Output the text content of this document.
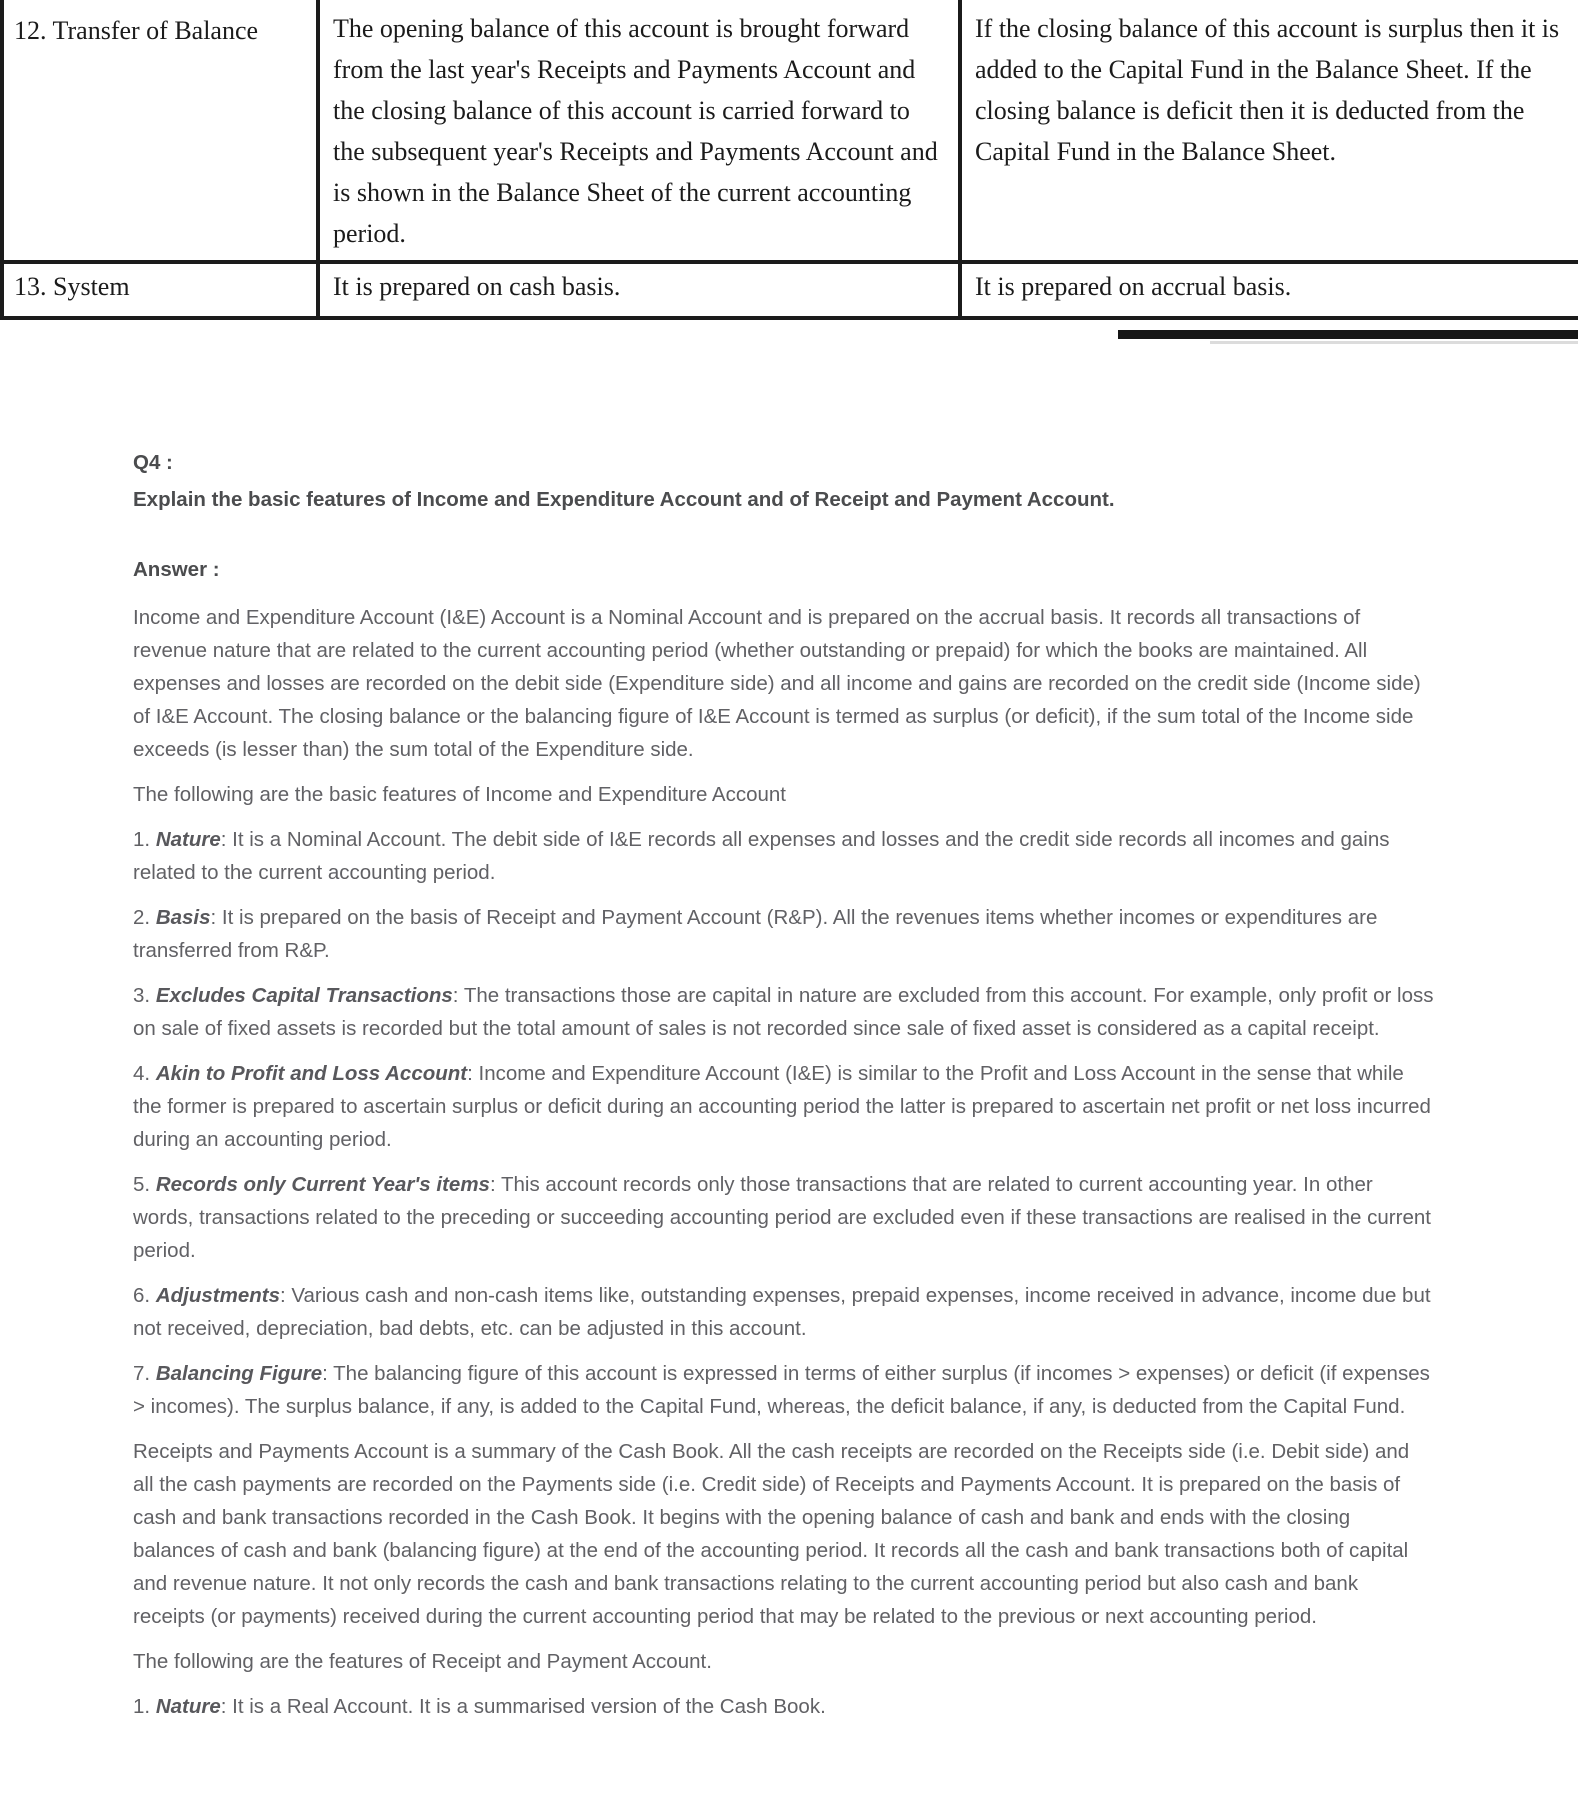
12. Transfer of Balance	The opening balance of this account is brought forward from the last year's Receipts and Payments Account and the closing balance of this account is carried forward to the subsequent year's Receipts and Payments Account and is shown in the Balance Sheet of the current accounting period.	If the closing balance of this account is surplus then it is added to the Capital Fund in the Balance Sheet. If the closing balance is deficit then it is deducted from the Capital Fund in the Balance Sheet.
13. System	It is prepared on cash basis.	It is prepared on accrual basis.

Q4 :

Explain the basic features of Income and Expenditure Account and of Receipt and Payment Account.

Answer :

Income and Expenditure Account (I&E) Account is a Nominal Account and is prepared on the accrual basis. It records all transactions of revenue nature that are related to the current accounting period (whether outstanding or prepaid) for which the books are maintained. All expenses and losses are recorded on the debit side (Expenditure side) and all income and gains are recorded on the credit side (Income side) of I&E Account. The closing balance or the balancing figure of I&E Account is termed as surplus (or deficit), if the sum total of the Income side exceeds (is lesser than) the sum total of the Expenditure side.

The following are the basic features of Income and Expenditure Account

1. Nature: It is a Nominal Account. The debit side of I&E records all expenses and losses and the credit side records all incomes and gains related to the current accounting period.

2. Basis: It is prepared on the basis of Receipt and Payment Account (R&P). All the revenues items whether incomes or expenditures are transferred from R&P.

3. Excludes Capital Transactions: The transactions those are capital in nature are excluded from this account. For example, only profit or loss on sale of fixed assets is recorded but the total amount of sales is not recorded since sale of fixed asset is considered as a capital receipt.

4. Akin to Profit and Loss Account: Income and Expenditure Account (I&E) is similar to the Profit and Loss Account in the sense that while the former is prepared to ascertain surplus or deficit during an accounting period the latter is prepared to ascertain net profit or net loss incurred during an accounting period.

5. Records only Current Year's items: This account records only those transactions that are related to current accounting year. In other words, transactions related to the preceding or succeeding accounting period are excluded even if these transactions are realised in the current period.

6. Adjustments: Various cash and non-cash items like, outstanding expenses, prepaid expenses, income received in advance, income due but not received, depreciation, bad debts, etc. can be adjusted in this account.

7. Balancing Figure: The balancing figure of this account is expressed in terms of either surplus (if incomes > expenses) or deficit (if expenses > incomes). The surplus balance, if any, is added to the Capital Fund, whereas, the deficit balance, if any, is deducted from the Capital Fund.

Receipts and Payments Account is a summary of the Cash Book. All the cash receipts are recorded on the Receipts side (i.e. Debit side) and all the cash payments are recorded on the Payments side (i.e. Credit side) of Receipts and Payments Account. It is prepared on the basis of cash and bank transactions recorded in the Cash Book. It begins with the opening balance of cash and bank and ends with the closing balances of cash and bank (balancing figure) at the end of the accounting period. It records all the cash and bank transactions both of capital and revenue nature. It not only records the cash and bank transactions relating to the current accounting period but also cash and bank receipts (or payments) received during the current accounting period that may be related to the previous or next accounting period.

The following are the features of Receipt and Payment Account.

1. Nature: It is a Real Account. It is a summarised version of the Cash Book.
